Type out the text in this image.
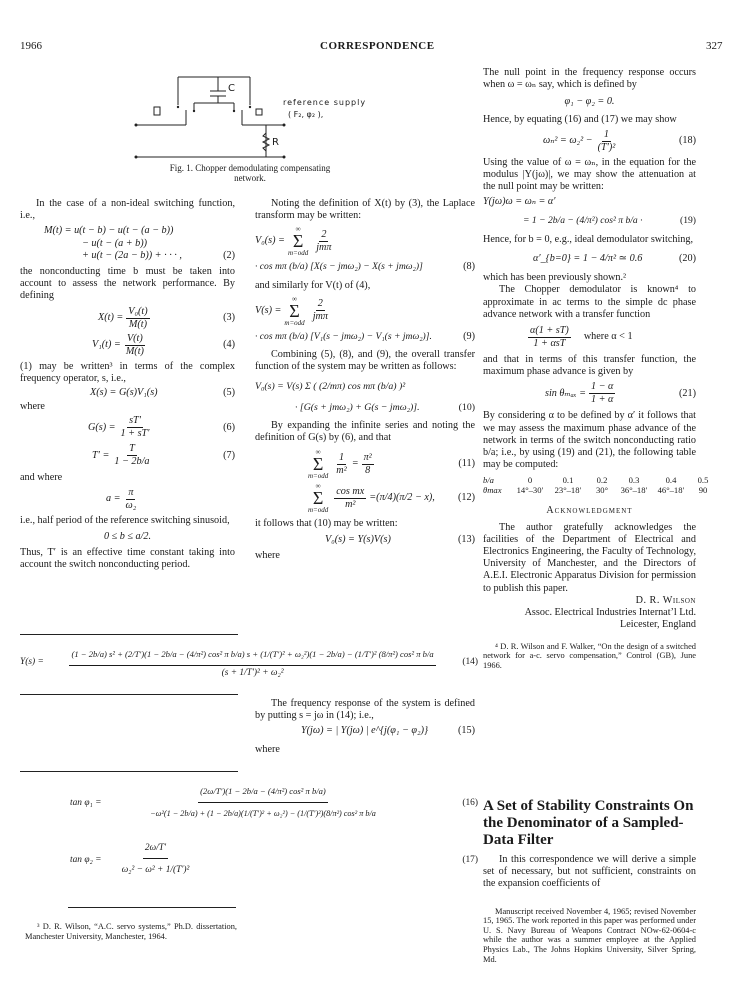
1966	CORRESPONDENCE	327
C
R
reference supply
( F₂, φ₂ ),
Fig. 1. Chopper demodulating compensating
network.

In the case of a non-ideal switching function, i.e.,

M(t) = u(t − b) − u(t − (a − b))
− u(t − (a + b))
+ u(t − (2a − b)) + · · · ,	(2)

the nonconducting time b must be taken into account to assess the network performance. By defining

$X(t) = \frac{\text{V₀(t)}}{M(t)}$	(3)
$V_1(t) = \frac{V(t)}{M(t)}$	(4)

(1) may be written³ in terms of the complex frequency operator, s, i.e.,

X(s) = G(s)V₁(s)	(5)

where

$G(s) = \frac{sT'}{1 + sT'}$	(6)
$T' = \frac{T}{1 - 2b/a}$	(7)

and where

$a = \frac{\pi}{\text{ω₂}}$

i.e., half period of the reference switching sinusoid,

0 ≤ b ≤ a/2.

Thus, T′ is an effective time constant taking into account the switch nonconducting period.

Noting the definition of X(t) by (3), the Laplace transform may be written:

V₀(s) =
∞
Σ
$m=odd \frac{2}{\text{jmπ}}$
· cos mπ (b/a) [X(s − jmω₂) − X(s + jmω₂)]	(8)

and similarly for V(t) of (4),

V(s) =
∞
Σ
$m=odd \frac{2}{\text{jmπ}}$
· cos mπ (b/a) [V₁(s − jmω₂) − V₁(s + jmω₂)].	(9)

Combining (5), (8), and (9), the overall transfer function of the system may be written as follows:

V₀(s) = V(s) Σ ( (2/mπ) cos mπ (b/a) )²
· [G(s + jmω₂) + G(s − jmω₂)].	(10)

By expanding the infinite series and noting the definition of G(s) by (6), and that

∞
Σ
$m=odd \frac{1}{\text{m²}} = \frac{\text{π²}}{8}$	(11)
∞
Σ
$m=odd \frac{\text{cos mx}}{\text{m²}} = (\pi/4)(\pi/2 - x)$, (12)

it follows that (10) may be written:

V₀(s) = Y(s)V(s)	(13)

where

Y(s) =
(1 − 2b/a) s² + (2/T′)(1 − 2b/a − (4/π²) cos² π b/a) s + (1/(T′)² + ω₂²)(1 − 2b/a) − (1/T′)² (8/π²) cos² π b/a
(s + 1/T′)² + ω₂²
(14)

The frequency response of the system is defined by putting s = jω in (14); i.e.,

Y(jω) = | Y(jω) | e^{j(φ₁ − φ₂)}	(15)

where

tan φ₁ =
(2ω/T′)(1 − 2b/a − (4/π²) cos² π b/a)
−ω²(1 − 2b/a) + (1 − 2b/a)(1/(T′)² + ω₂²) − (1/(T′)²)(8/π²) cos² π b/a
(16)
$\tan \varphi_2 = \frac{2\omega/T'}{\text{ω₂² − ω² + 1/(T′)²}}$	(17)
³ D. R. Wilson, “A.C. servo systems,” Ph.D. dissertation, Manchester University, Manchester, 1964.

The null point in the frequency response occurs when ω = ωₙ say, which is defined by

φ₁ − φ₂ = 0.

Hence, by equating (16) and (17) we may show

$\omega_n^2 = \omega_2^2 - \frac{1}{\text{(T′)²}}$	(18)

Using the value of ω = ωₙ, in the equation for the modulus |Y(jω)|, we may show the attenuation at the null point may be written:

Y(jω)ω = ωₙ = α′
= 1 − 2b/a − (4/π²) cos² π b/a ·	(19)

Hence, for b = 0, e.g., ideal demodulator switching,

α′_{b=0} = 1 − 4/π² ≃ 0.6	(20)

which has been previously shown.²

The Chopper demodulator is known⁴ to approximate in ac terms to the simple dc phase advance network with a transfer function

$\frac{\alpha(1 + sT)}{\text{1 + αsT}}$ where α < 1

and that in terms of this transfer function, the maximum phase advance is given by

$\sin \theta_{max} = \frac{1 - \alpha}{1 + \alpha}$	(21)

By considering α to be defined by α′ it follows that we may assess the maximum phase advance of the network in terms of the switch nonconducting ratio b/a; i.e., by using (19) and (21), the following table may be computed:

b/a	0	0.1	0.2	0.3	0.4	0.5
θmax	14°–30′	23°–18′	30°	36°–18′	46°–18′	90
Acknowledgment

The author gratefully acknowledges the facilities of the Department of Electrical and Electronics Engineering, the Faculty of Technology, University of Manchester, and the Directors of A.E.I. Electronic Apparatus Division for permission to publish this paper.

D. R. Wilson
Assoc. Electrical Industries Internat’l Ltd.
Leicester, England
⁴ D. R. Wilson and F. Walker, “On the design of a switched network for a-c. servo compensation,” Control (GB), June 1966.
A Set of Stability Constraints On the Denominator of a Sampled-Data Filter

In this correspondence we will derive a simple set of necessary, but not sufficient, constraints on the expansion coefficients of

Manuscript received November 4, 1965; revised November 15, 1965. The work reported in this paper was performed under U. S. Navy Bureau of Weapons Contract NOw-62-0604-c while the author was a summer employee at the Applied Physics Lab., The Johns Hopkins University, Silver Spring, Md.
